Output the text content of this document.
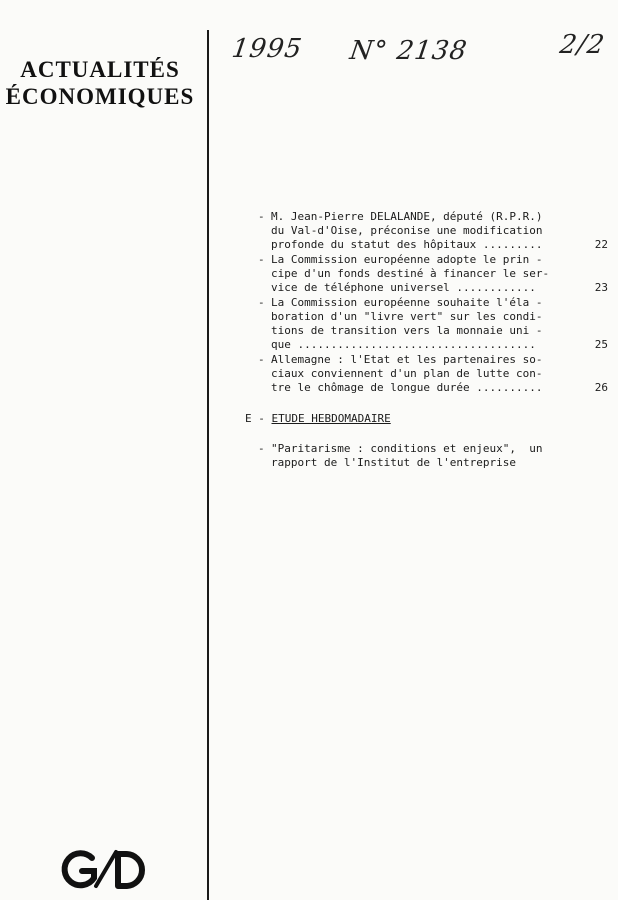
ACTUALITÉS
ÉCONOMIQUES
1995 N° 2138	2/2
- M. Jean-Pierre DELALANDE, député (R.P.R.)
du Val-d'Oise, préconise une modification
profonde du statut des hôpitaux .........	22
- La Commission européenne adopte le prin -
cipe d'un fonds destiné à financer le ser-
vice de téléphone universel ............	23
- La Commission européenne souhaite l'éla -
boration d'un "livre vert" sur les condi-
tions de transition vers la monnaie uni -
que ....................................	25
- Allemagne : l'Etat et les partenaires so-
ciaux conviennent d'un plan de lutte con-
tre le chômage de longue durée ..........	26
E - ETUDE HEBDOMADAIRE
- "Paritarisme : conditions et enjeux",  un
rapport de l'Institut de l'entreprise
